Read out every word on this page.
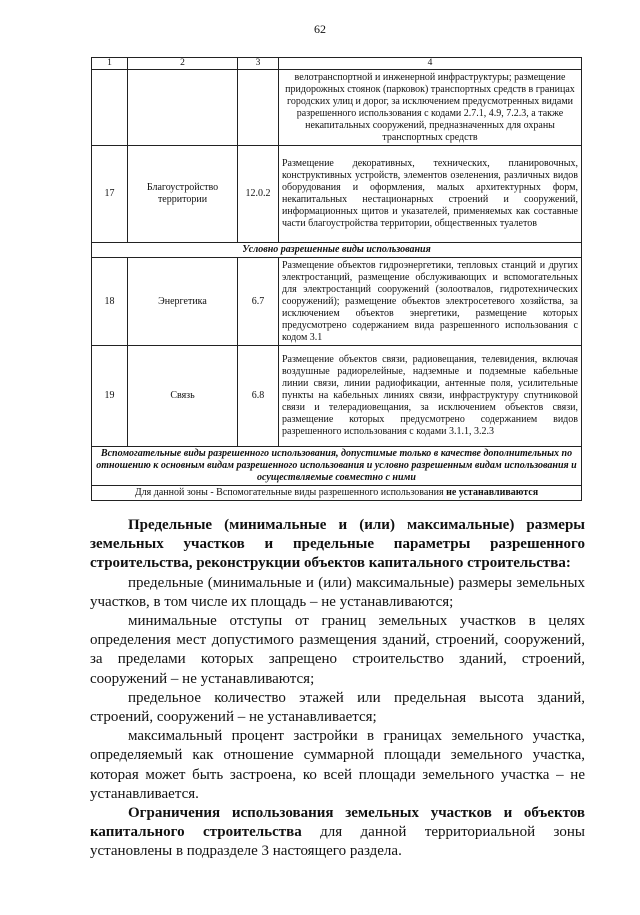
62
1	2	3	4
			велотранспортной и инженерной инфраструктуры; размещение придорожных стоянок (парковок) транспортных средств в границах городских улиц и дорог, за исключением предусмотренных видами разрешенного использования с кодами 2.7.1, 4.9, 7.2.3, а также некапитальных сооружений, предназначенных для охраны транспортных средств
17	Благоустройство территории	12.0.2	Размещение декоративных, технических, планировочных, конструктивных устройств, элементов озеленения, различных видов оборудования и оформления, малых архитектурных форм, некапитальных нестационарных строений и сооружений, информационных щитов и указателей, применяемых как составные части благоустройства территории, общественных туалетов
Условно разрешенные виды использования			
18	Энергетика	6.7	Размещение объектов гидроэнергетики, тепловых станций и других электростанций, размещение обслуживающих и вспомогательных для электростанций сооружений (золоотвалов, гидротехнических сооружений); размещение объектов электросетевого хозяйства, за исключением объектов энергетики, размещение которых предусмотрено содержанием вида разрешенного использования с кодом 3.1
19	Связь	6.8	Размещение объектов связи, радиовещания, телевидения, включая воздушные радиорелейные, надземные и подземные кабельные линии связи, линии радиофикации, антенные поля, усилительные пункты на кабельных линиях связи, инфраструктуру спутниковой связи и телерадиовещания, за исключением объектов связи, размещение которых предусмотрено содержанием видов разрешенного использования с кодами 3.1.1, 3.2.3
Вспомогательные виды разрешенного использования, допустимые только в качестве дополнительных по отношению к основным видам разрешенного использования и условно разрешенным видам использования и осуществляемые совместно с ними			
Для данной зоны - Вспомогательные виды разрешенного использования не устанавливаются			

Предельные (минимальные и (или) максимальные) размеры земельных участков и предельные параметры разрешенного строительства, реконструкции объектов капитального строительства:

предельные (минимальные и (или) максимальные) размеры земельных участков, в том числе их площадь – не устанавливаются;

минимальные отступы от границ земельных участков в целях определения мест допустимого размещения зданий, строений, сооружений, за пределами которых запрещено строительство зданий, строений, сооружений – не устанавливаются;

предельное количество этажей или предельная высота зданий, строений, сооружений – не устанавливается;

максимальный процент застройки в границах земельного участка, определяемый как отношение суммарной площади земельного участка, которая может быть застроена, ко всей площади земельного участка – не устанавливается.

Ограничения использования земельных участков и объектов капитального строительства для данной территориальной зоны установлены в подразделе 3 настоящего раздела.
